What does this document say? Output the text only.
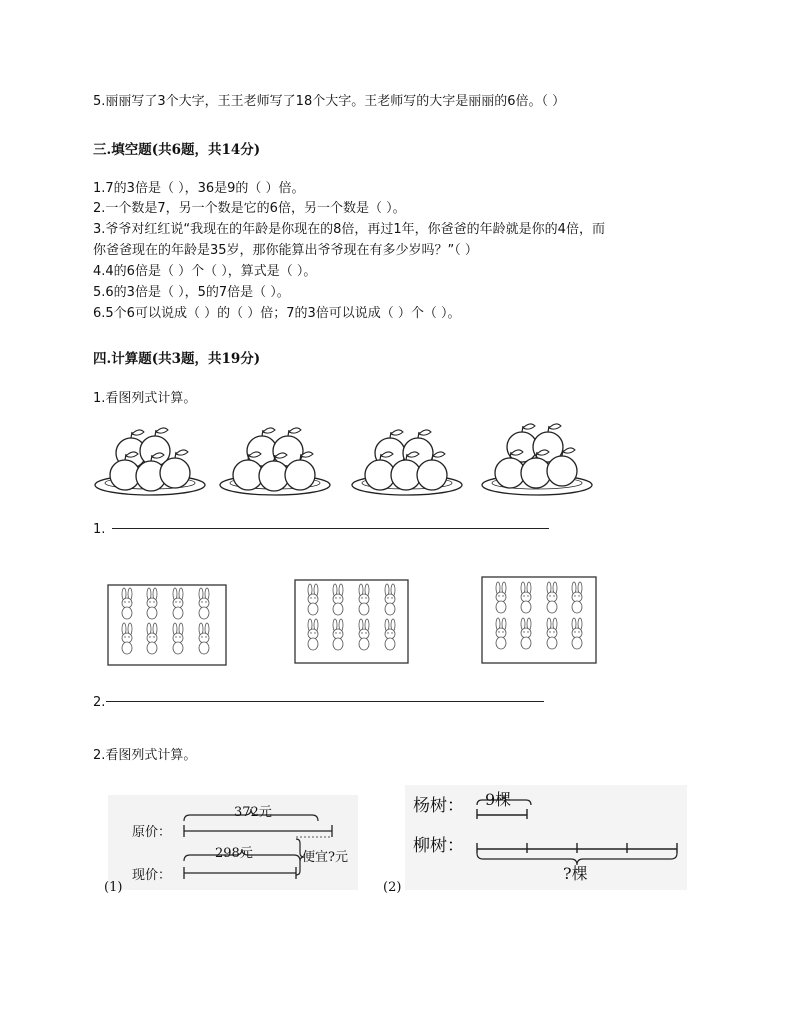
5.丽丽写了3个大字，王王老师写了18个大字。王老师写的大字是丽丽的6倍。（ ）
三.填空题(共6题，共14分)
1.7的3倍是（ ），36是9的（ ）倍。
2.一个数是7，另一个数是它的6倍，另一个数是（ ）。
3.爷爷对红红说“我现在的年龄是你现在的8倍，再过1年，你爸爸的年龄就是你的4倍，而
你爸爸现在的年龄是35岁，那你能算出爷爷现在有多少岁吗？”（ ）
4.4的6倍是（ ）个（ ），算式是（ ）。
5.6的3倍是（ ），5的7倍是（ ）。
6.5个6可以说成（ ）的（ ）倍；7的3倍可以说成（ ）个（ ）。
四.计算题(共3题，共19分)
1.看图列式计算。
1.
2.
2.看图列式计算。
372元
原价：
298元	便宜?元
现价：
(1)
杨树： 9棵
柳树：
?棵
(2)
